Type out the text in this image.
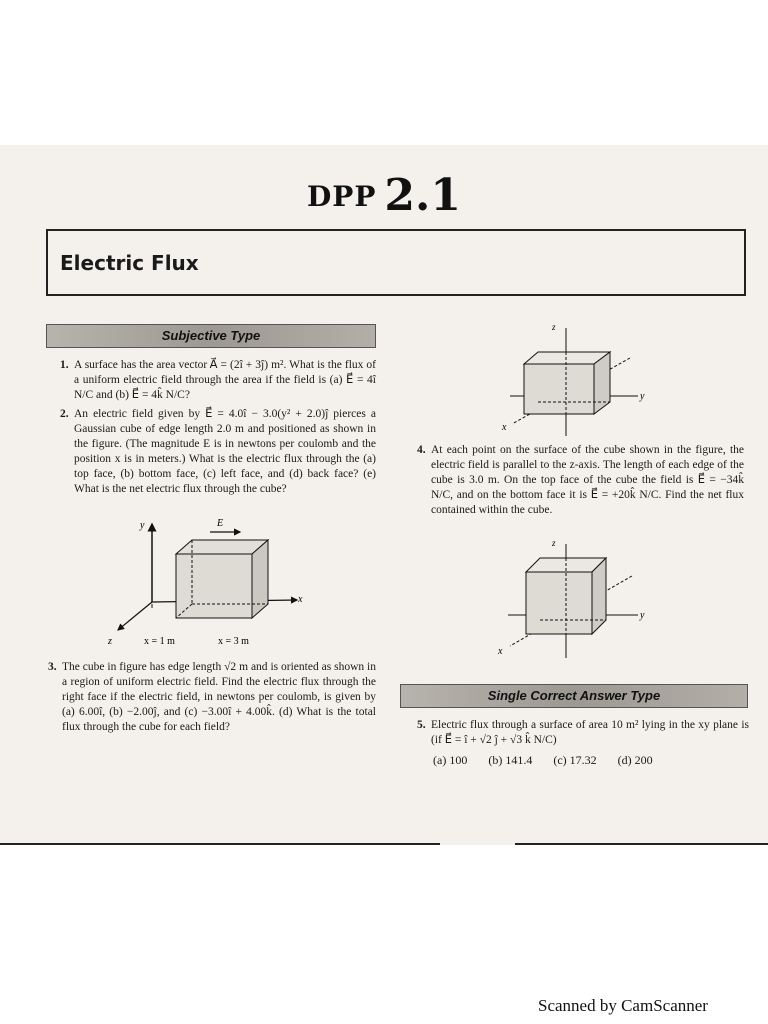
DPP 2.1
Electric Flux
Subjective Type
1. A surface has the area vector A⃗ = (2î + 3ĵ) m². What is the flux of a uniform electric field through the area if the field is (a) E⃗ = 4î N/C and (b) E⃗ = 4k̂ N/C?
2. An electric field given by E⃗ = 4.0î − 3.0(y² + 2.0)ĵ pierces a Gaussian cube of edge length 2.0 m and positioned as shown in the figure. (The magnitude E is in newtons per coulomb and the position x is in meters.) What is the electric flux through the (a) top face, (b) bottom face, (c) left face, and (d) back face? (e) What is the net electric flux through the cube?
y
x
z
E⃗
x = 1 m	x = 3 m
3. The cube in figure has edge length √2 m and is oriented as shown in a region of uniform electric field. Find the electric flux through the right face if the electric field, in newtons per coulomb, is given by (a) 6.00î, (b) −2.00ĵ, and (c) −3.00î + 4.00k̂. (d) What is the total flux through the cube for each field?
z
y
x
4. At each point on the surface of the cube shown in the figure, the electric field is parallel to the z-axis. The length of each edge of the cube is 3.0 m. On the top face of the cube the field is E⃗ = −34k̂ N/C, and on the bottom face it is E⃗ = +20k̂ N/C. Find the net flux contained within the cube.
z
y
x
Single Correct Answer Type
5. Electric flux through a surface of area 10 m² lying in the xy plane is (if E⃗ = î + √2 ĵ + √3 k̂ N/C)
(a) 100 (b) 141.4 (c) 17.32 (d) 200
Scanned by CamScanner
